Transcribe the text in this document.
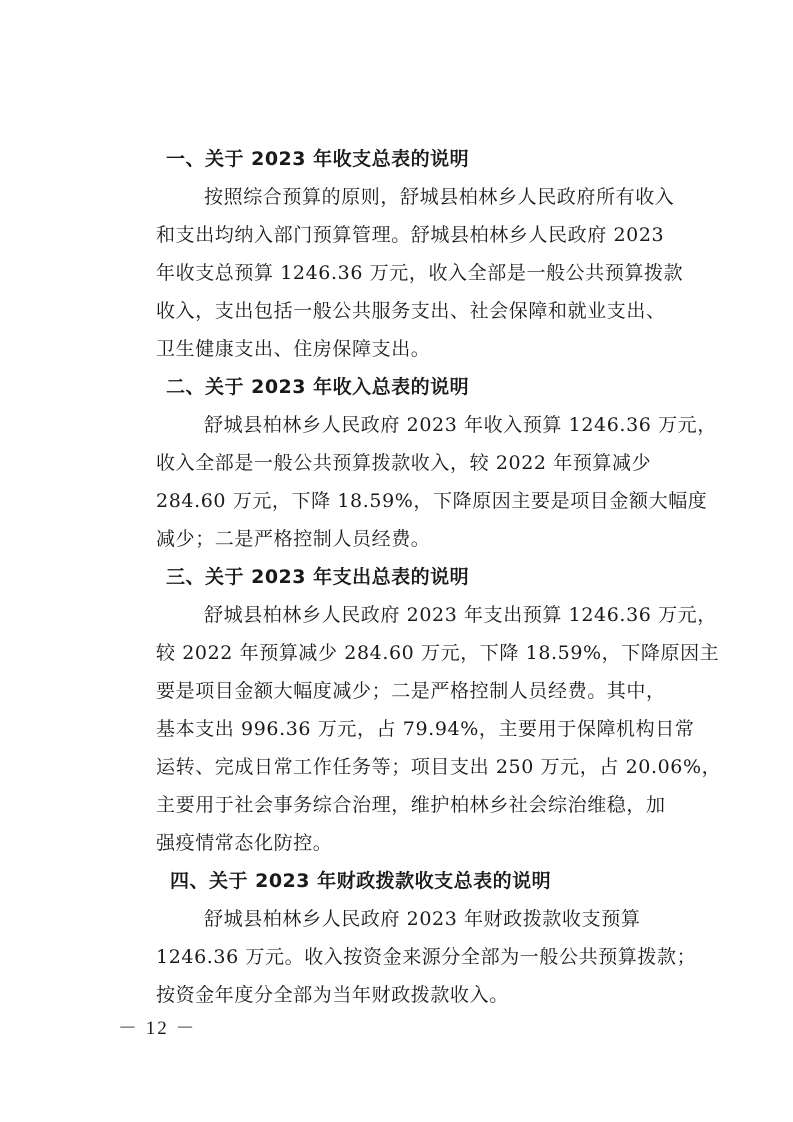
一、关于 2023 年收支总表的说明
按照综合预算的原则，舒城县柏林乡人民政府所有收入
和支出均纳入部门预算管理。舒城县柏林乡人民政府 2023
年收支总预算 1246.36 万元，收入全部是一般公共预算拨款
收入，支出包括一般公共服务支出、社会保障和就业支出、
卫生健康支出、住房保障支出。
二、关于 2023 年收入总表的说明
舒城县柏林乡人民政府 2023 年收入预算 1246.36 万元，
收入全部是一般公共预算拨款收入，较 2022 年预算减少
284.60 万元，下降 18.59%，下降原因主要是项目金额大幅度
减少；二是严格控制人员经费。
三、关于 2023 年支出总表的说明
舒城县柏林乡人民政府 2023 年支出预算 1246.36 万元，
较 2022 年预算减少 284.60 万元，下降 18.59%，下降原因主
要是项目金额大幅度减少；二是严格控制人员经费。其中，
基本支出 996.36 万元，占 79.94%，主要用于保障机构日常
运转、完成日常工作任务等；项目支出 250 万元，占 20.06%，
主要用于社会事务综合治理，维护柏林乡社会综治维稳，加
强疫情常态化防控。
四、关于 2023 年财政拨款收支总表的说明
舒城县柏林乡人民政府 2023 年财政拨款收支预算
1246.36 万元。收入按资金来源分全部为一般公共预算拨款；
按资金年度分全部为当年财政拨款收入。
－ 12 －
